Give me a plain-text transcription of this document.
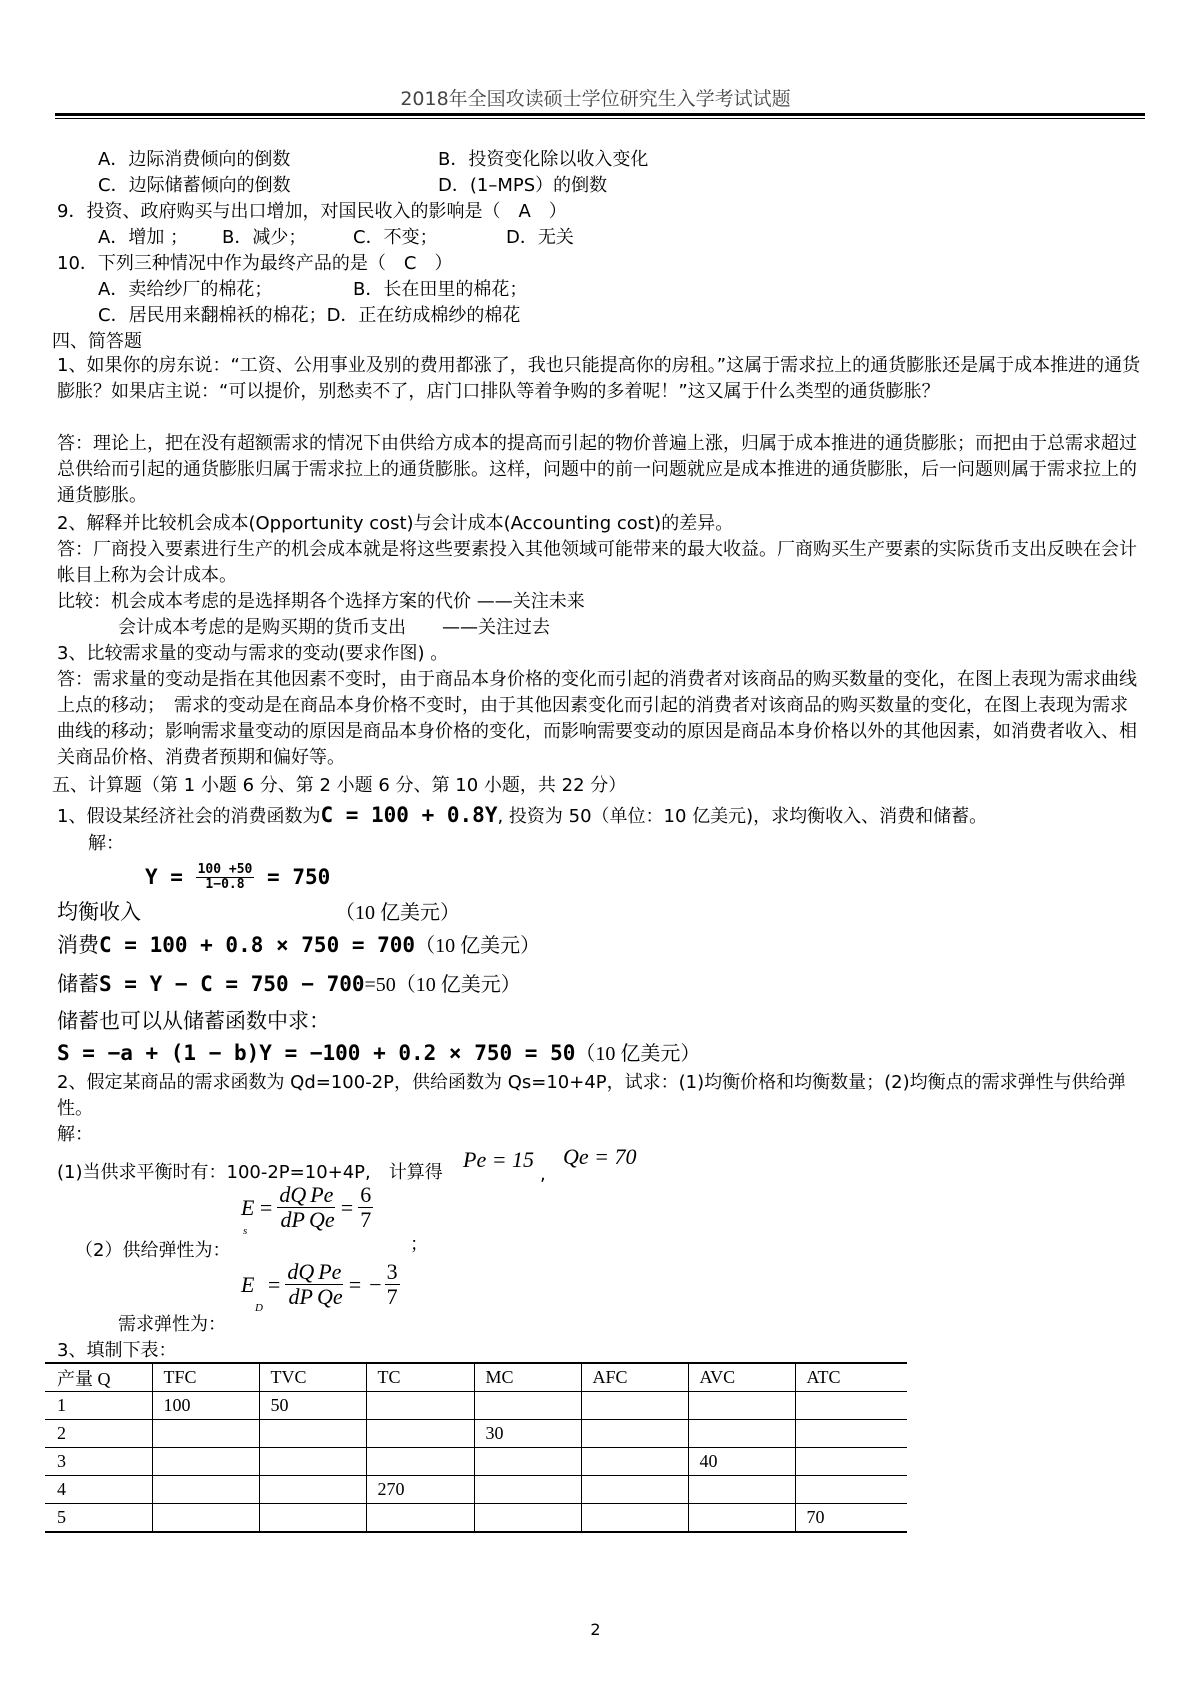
2018年全国攻读硕士学位研究生入学考试试题
A．边际消费倾向的倒数	B．投资变化除以收入变化
C．边际储蓄倾向的倒数	D．(1–MPS）的倒数
9．投资、政府购买与出口增加，对国民收入的影响是（　A　）
A．增加 ； B．减少；	C．不变；	D．无关
10．下列三种情况中作为最终产品的是（　C　）
A．卖给纱厂的棉花；	B．长在田里的棉花；
C．居民用来翻棉袄的棉花；D．正在纺成棉纱的棉花
四、简答题
1、如果你的房东说：“工资、公用事业及别的费用都涨了，我也只能提高你的房租。”这属于需求拉上的通货膨胀还是属于成本推进的通货膨胀？如果店主说：“可以提价，别愁卖不了，店门口排队等着争购的多着呢！”这又属于什么类型的通货膨胀？
答：理论上，把在没有超额需求的情况下由供给方成本的提高而引起的物价普遍上涨，归属于成本推进的通货膨胀；而把由于总需求超过总供给而引起的通货膨胀归属于需求拉上的通货膨胀。这样，问题中的前一问题就应是成本推进的通货膨胀，后一问题则属于需求拉上的通货膨胀。
2、解释并比较机会成本(Opportunity cost)与会计成本(Accounting cost)的差异。
答：厂商投入要素进行生产的机会成本就是将这些要素投入其他领域可能带来的最大收益。厂商购买生产要素的实际货币支出反映在会计帐目上称为会计成本。
比较：机会成本考虑的是选择期各个选择方案的代价 ——关注未来
会计成本考虑的是购买期的货币支出　　——关注过去
3、比较需求量的变动与需求的变动(要求作图) 。
答：需求量的变动是指在其他因素不变时，由于商品本身价格的变化而引起的消费者对该商品的购买数量的变化，在图上表现为需求曲线上点的移动；　需求的变动是在商品本身价格不变时，由于其他因素变化而引起的消费者对该商品的购买数量的变化，在图上表现为需求曲线的移动；影响需求量变动的原因是商品本身价格的变化，而影响需要变动的原因是商品本身价格以外的其他因素，如消费者收入、相关商品价格、消费者预期和偏好等。
五、计算题（第 1 小题 6 分、第 2 小题 6 分、第 10 小题，共 22 分）
1、假设某经济社会的消费函数为C = 100 + 0.8Y, 投资为 50（单位：10 亿美元)，求均衡收入、消费和储蓄。
解：
$Y = \frac{100 +50}{1-0.8} = 750$
均衡收入	（10 亿美元）
消费C = 100 + 0.8 × 750 = 700（10 亿美元）
储蓄S = Y − C = 750 − 700=50（10 亿美元）
储蓄也可以从储蓄函数中求：
S = −a + (1 − b)Y = −100 + 0.2 × 750 = 50（10 亿美元）
2、假定某商品的需求函数为 Qd=100-2P，供给函数为 Qs=10+4P，试求：(1)均衡价格和均衡数量；(2)均衡点的需求弹性与供给弹性。
解：
(1)当供求平衡时有：100-2P=10+4P,　计算得
Pe = 15
,
Qe = 70
E
s
= $\frac{dQ}{dP} \frac{Pe}{Qe} = \frac{6}{7}$
；
（2）供给弹性为：
E
D
= $\frac{dQ}{dP} \frac{Pe}{Qe}$ = − $\frac{3}{7}$
需求弹性为：
3、填制下表：
产量 Q	TFC	TVC	TC	MC	AFC	AVC	ATC
1	100	50					
2				30			
3						40	
4			270				
5							70
2
